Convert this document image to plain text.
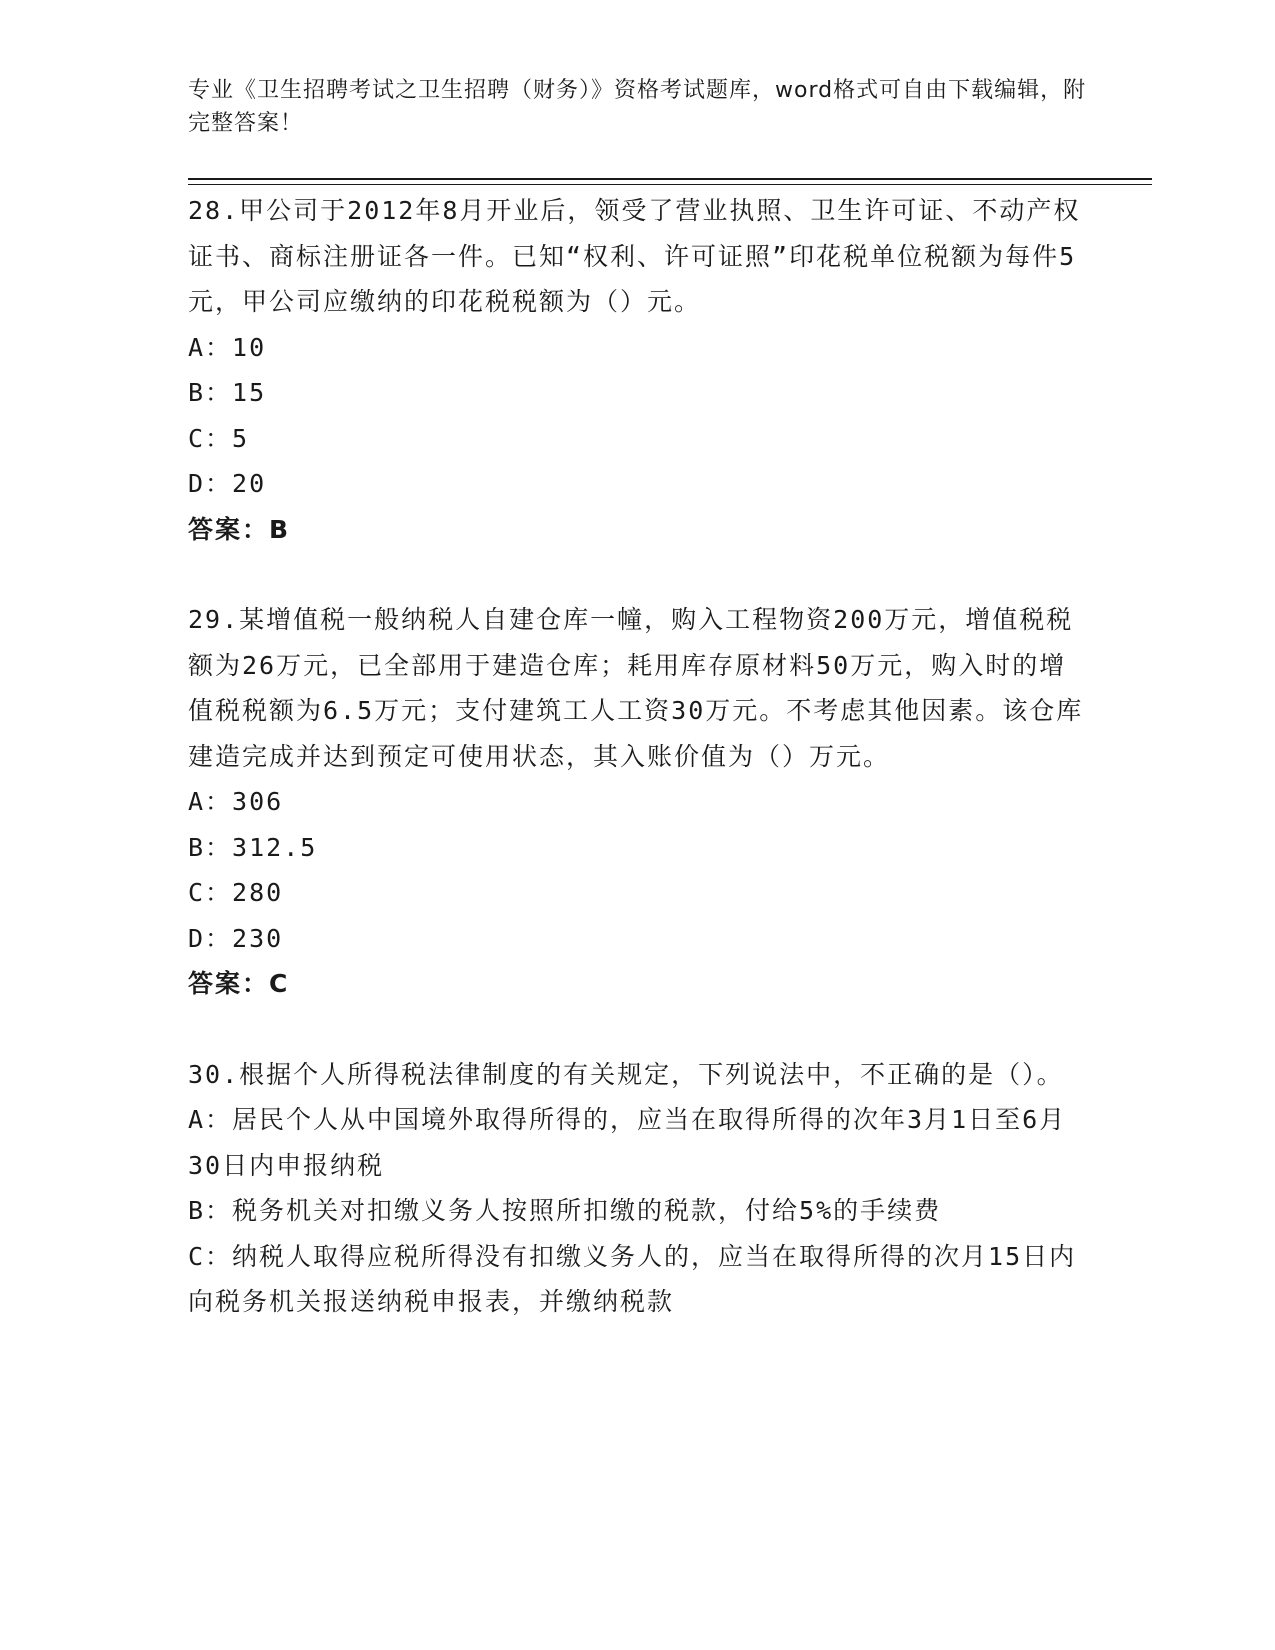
专业《卫生招聘考试之卫生招聘（财务）》资格考试题库，word格式可自由下载编辑，附完整答案！

28.甲公司于2012年8月开业后，领受了营业执照、卫生许可证、不动产权证书、商标注册证各一件。已知“权利、许可证照”印花税单位税额为每件5元，甲公司应缴纳的印花税税额为（）元。

A：10

B：15

C：5

D：20

答案：B

29.某增值税一般纳税人自建仓库一幢，购入工程物资200万元，增值税税额为26万元，已全部用于建造仓库；耗用库存原材料50万元，购入时的增值税税额为6.5万元；支付建筑工人工资30万元。不考虑其他因素。该仓库建造完成并达到预定可使用状态，其入账价值为（）万元。

A：306

B：312.5

C：280

D：230

答案：C

30.根据个人所得税法律制度的有关规定，下列说法中，不正确的是（）。

A：居民个人从中国境外取得所得的，应当在取得所得的次年3月1日至6月30日内申报纳税

B：税务机关对扣缴义务人按照所扣缴的税款，付给5%的手续费

C：纳税人取得应税所得没有扣缴义务人的，应当在取得所得的次月15日内向税务机关报送纳税申报表，并缴纳税款
